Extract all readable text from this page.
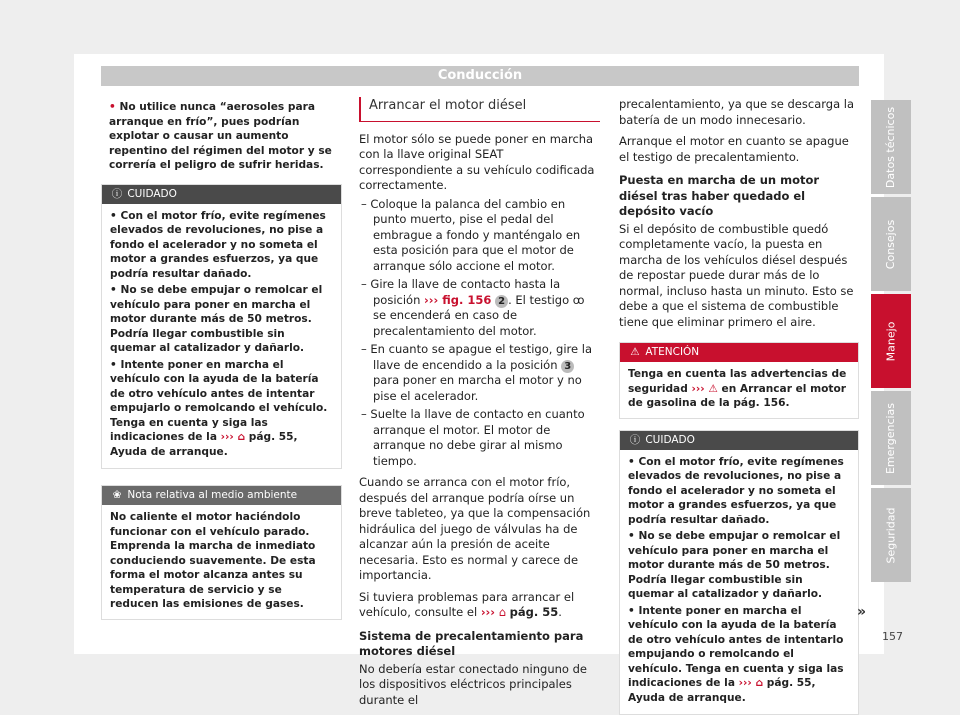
Conducción
• No utilice nunca “aerosoles para arranque en frío”, pues podrían explotar o causar un aumento repentino del régimen del motor y se correría el peligro de sufrir heridas.
ⓘ CUIDADO

• Con el motor frío, evite regímenes elevados de revoluciones, no pise a fondo el acelerador y no someta el motor a grandes esfuerzos, ya que podría resultar dañado.

• No se debe empujar o remolcar el vehículo para poner en marcha el motor durante más de 50 metros. Podría llegar combustible sin quemar al catalizador y dañarlo.

• Intente poner en marcha el vehículo con la ayuda de la batería de otro vehículo antes de intentar empujarlo o remolcando el vehículo. Tenga en cuenta y siga las indicaciones de la ››› ⌂ pág. 55, Ayuda de arranque.

❀ Nota relativa al medio ambiente
No caliente el motor haciéndolo funcionar con el vehículo parado. Emprenda la marcha de inmediato conduciendo suavemente. De esta forma el motor alcanza antes su temperatura de servicio y se reducen las emisiones de gases.
Arrancar el motor diésel

El motor sólo se puede poner en marcha con la llave original SEAT correspondiente a su vehículo codificada correctamente.

– Coloque la palanca del cambio en punto muerto, pise el pedal del embrague a fondo y manténgalo en esta posición para que el motor de arranque sólo accione el motor.

– Gire la llave de contacto hasta la posición ››› fig. 156 2 . El testigo ꝏ se encenderá en caso de precalentamiento del motor.

– En cuanto se apague el testigo, gire la llave de encendido a la posición 3 para poner en marcha el motor y no pise el acelerador.

– Suelte la llave de contacto en cuanto arranque el motor. El motor de arranque no debe girar al mismo tiempo.

Cuando se arranca con el motor frío, después del arranque podría oírse un breve tableteo, ya que la compensación hidráulica del juego de válvulas ha de alcanzar aún la presión de aceite necesaria. Esto es normal y carece de importancia.

Si tuviera problemas para arrancar el vehículo, consulte el ››› ⌂ pág. 55.

Sistema de precalentamiento para motores diésel

No debería estar conectado ninguno de los dispositivos eléctricos principales durante el

precalentamiento, ya que se descarga la batería de un modo innecesario.

Arranque el motor en cuanto se apague el testigo de precalentamiento.

Puesta en marcha de un motor diésel tras haber quedado el depósito vacío

Si el depósito de combustible quedó completamente vacío, la puesta en marcha de los vehículos diésel después de repostar puede durar más de lo normal, incluso hasta un minuto. Esto se debe a que el sistema de combustible tiene que eliminar primero el aire.

⚠ ATENCIÓN
Tenga en cuenta las advertencias de seguridad ››› ⚠ en Arrancar el motor de gasolina de la pág. 156.
ⓘ CUIDADO

• Con el motor frío, evite regímenes elevados de revoluciones, no pise a fondo el acelerador y no someta el motor a grandes esfuerzos, ya que podría resultar dañado.

• No se debe empujar o remolcar el vehículo para poner en marcha el motor durante más de 50 metros. Podría llegar combustible sin quemar al catalizador y dañarlo.

• Intente poner en marcha el vehículo con la ayuda de la batería de otro vehículo antes de intentarlo empujando o remolcando el vehículo. Tenga en cuenta y siga las indicaciones de la ››› ⌂ pág. 55, Ayuda de arranque.

»
Datos técnicos
Consejos
Manejo
Emergencias
Seguridad
157
